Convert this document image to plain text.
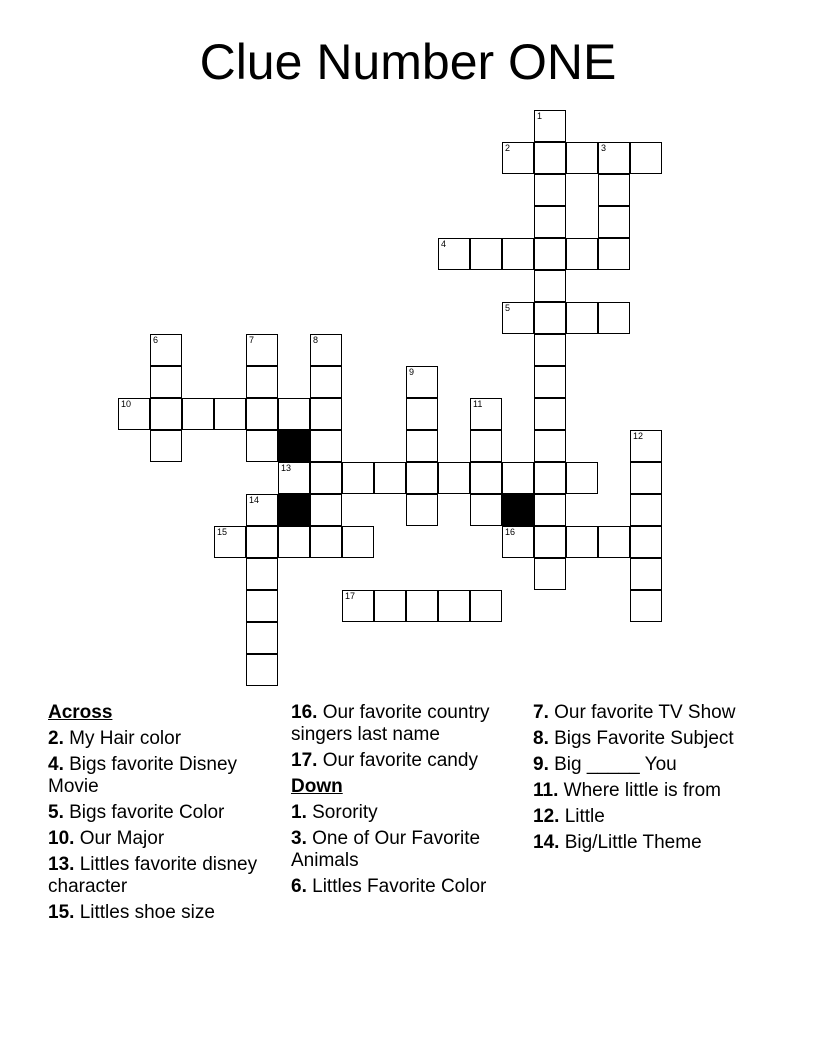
Clue Number ONE
1
2	3
4
5
6	7	8
9
10	11
12
13
14
15	16
17
Across
2. My Hair color
4. Bigs favorite Disney Movie
5. Bigs favorite Color
10. Our Major
13. Littles favorite disney character
15. Littles shoe size
16. Our favorite country singers last name
17. Our favorite candy
Down
1. Sorority
3. One of Our Favorite Animals
6. Littles Favorite Color
7. Our favorite TV Show
8. Bigs Favorite Subject
9. Big _____ You
11. Where little is from
12. Little
14. Big/Little Theme
